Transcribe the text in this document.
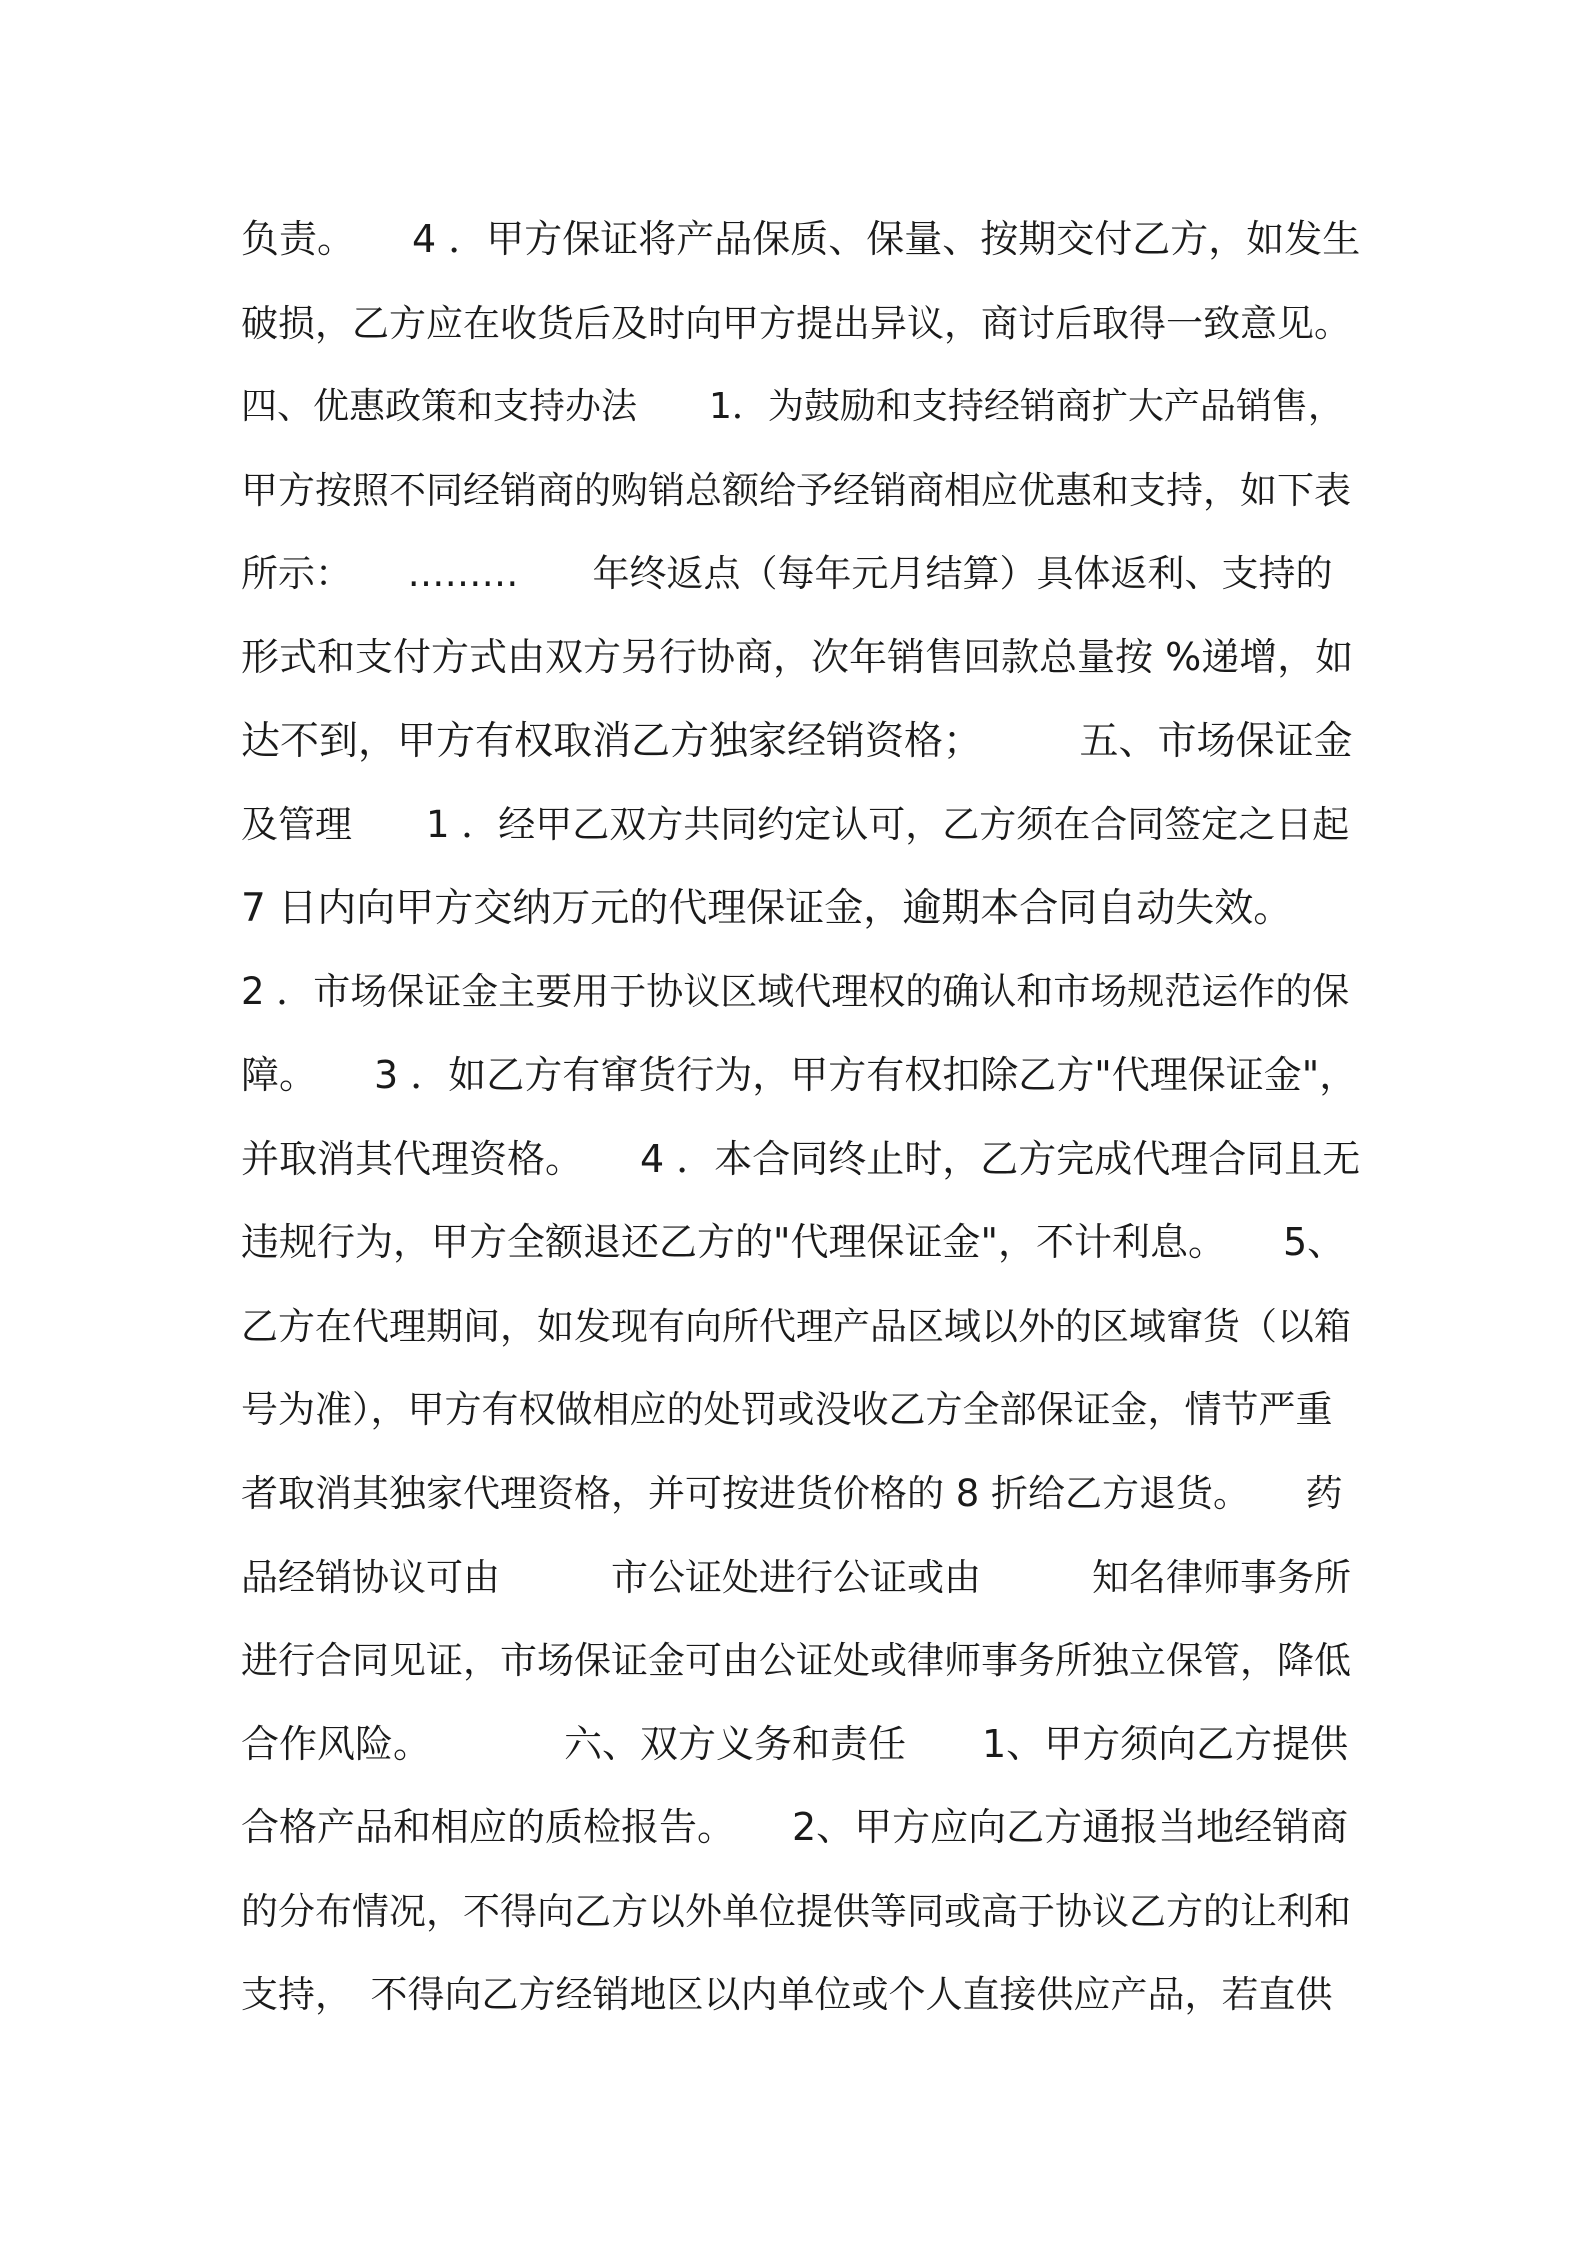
负责。　　4 ．甲方保证将产品保质、保量、按期交付乙方，如发生
破损，乙方应在收货后及时向甲方提出异议，商讨后取得一致意见。
四、优惠政策和支持办法　　1．为鼓励和支持经销商扩大产品销售，
甲方按照不同经销商的购销总额给予经销商相应优惠和支持，如下表
所示：　　………　　年终返点（每年元月结算）具体返利、支持的
形式和支付方式由双方另行协商，次年销售回款总量按 %递增，如
达不到，甲方有权取消乙方独家经销资格；　　　五、市场保证金
及管理　　1 ．经甲乙双方共同约定认可，乙方须在合同签定之日起
7 日内向甲方交纳万元的代理保证金，逾期本合同自动失效。
2 ．市场保证金主要用于协议区域代理权的确认和市场规范运作的保
障。　　3 ．如乙方有窜货行为，甲方有权扣除乙方"代理保证金"，
并取消其代理资格。　　4 ．本合同终止时，乙方完成代理合同且无
违规行为，甲方全额退还乙方的"代理保证金"，不计利息。　　5、
乙方在代理期间，如发现有向所代理产品区域以外的区域窜货（以箱
号为准），甲方有权做相应的处罚或没收乙方全部保证金，情节严重
者取消其独家代理资格，并可按进货价格的 8 折给乙方退货。　　药
品经销协议可由　　　市公证处进行公证或由　　　知名律师事务所
进行合同见证，市场保证金可由公证处或律师事务所独立保管，降低
合作风险。　　　　六、双方义务和责任　　1、甲方须向乙方提供
合格产品和相应的质检报告。　　2、甲方应向乙方通报当地经销商
的分布情况，不得向乙方以外单位提供等同或高于协议乙方的让利和
支持，　不得向乙方经销地区以内单位或个人直接供应产品，若直供
